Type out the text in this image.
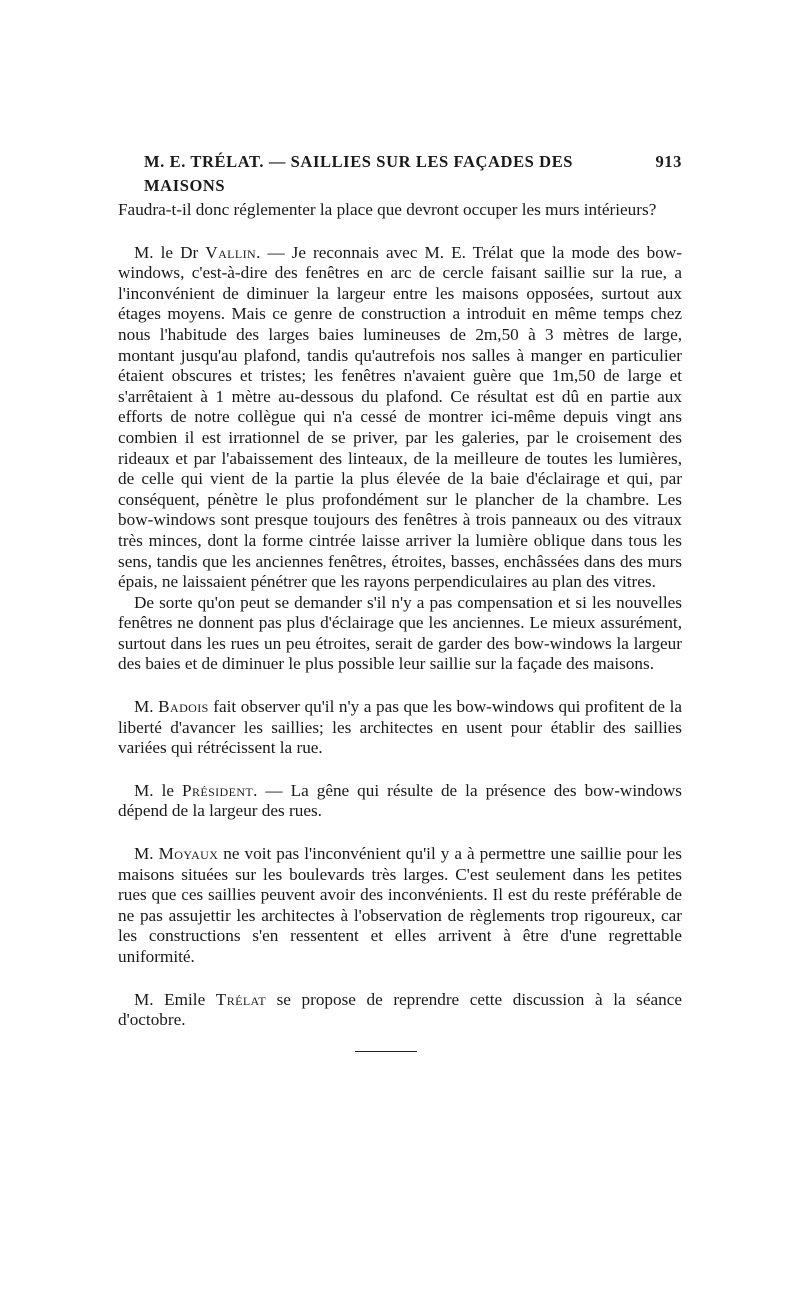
M. E. TRÉLAT. — SAILLIES SUR LES FAÇADES DES MAISONS
913

Faudra-t-il donc réglementer la place que devront occuper les murs intérieurs?

M. le Dr Vallin. — Je reconnais avec M. E. Trélat que la mode des bow-windows, c'est-à-dire des fenêtres en arc de cercle faisant saillie sur la rue, a l'inconvénient de diminuer la largeur entre les maisons opposées, surtout aux étages moyens. Mais ce genre de construction a introduit en même temps chez nous l'habitude des larges baies lumineuses de 2m,50 à 3 mètres de large, montant jusqu'au plafond, tandis qu'autrefois nos salles à manger en particulier étaient obscures et tristes; les fenêtres n'avaient guère que 1m,50 de large et s'arrêtaient à 1 mètre au-dessous du plafond. Ce résultat est dû en partie aux efforts de notre collègue qui n'a cessé de montrer ici-même depuis vingt ans combien il est irrationnel de se priver, par les galeries, par le croisement des rideaux et par l'abaissement des linteaux, de la meilleure de toutes les lumières, de celle qui vient de la partie la plus élevée de la baie d'éclairage et qui, par conséquent, pénètre le plus profondément sur le plancher de la chambre. Les bow-windows sont presque toujours des fenêtres à trois panneaux ou des vitraux très minces, dont la forme cintrée laisse arriver la lumière oblique dans tous les sens, tandis que les anciennes fenêtres, étroites, basses, enchâssées dans des murs épais, ne laissaient pénétrer que les rayons perpendiculaires au plan des vitres.

De sorte qu'on peut se demander s'il n'y a pas compensation et si les nouvelles fenêtres ne donnent pas plus d'éclairage que les anciennes. Le mieux assurément, surtout dans les rues un peu étroites, serait de garder des bow-windows la largeur des baies et de diminuer le plus possible leur saillie sur la façade des maisons.

M. Badois fait observer qu'il n'y a pas que les bow-windows qui profitent de la liberté d'avancer les saillies; les architectes en usent pour établir des saillies variées qui rétrécissent la rue.

M. le Président. — La gêne qui résulte de la présence des bow-windows dépend de la largeur des rues.

M. Moyaux ne voit pas l'inconvénient qu'il y a à permettre une saillie pour les maisons situées sur les boulevards très larges. C'est seulement dans les petites rues que ces saillies peuvent avoir des inconvénients. Il est du reste préférable de ne pas assujettir les architectes à l'observation de règlements trop rigoureux, car les constructions s'en ressentent et elles arrivent à être d'une regrettable uniformité.

M. Emile Trélat se propose de reprendre cette discussion à la séance d'octobre.
